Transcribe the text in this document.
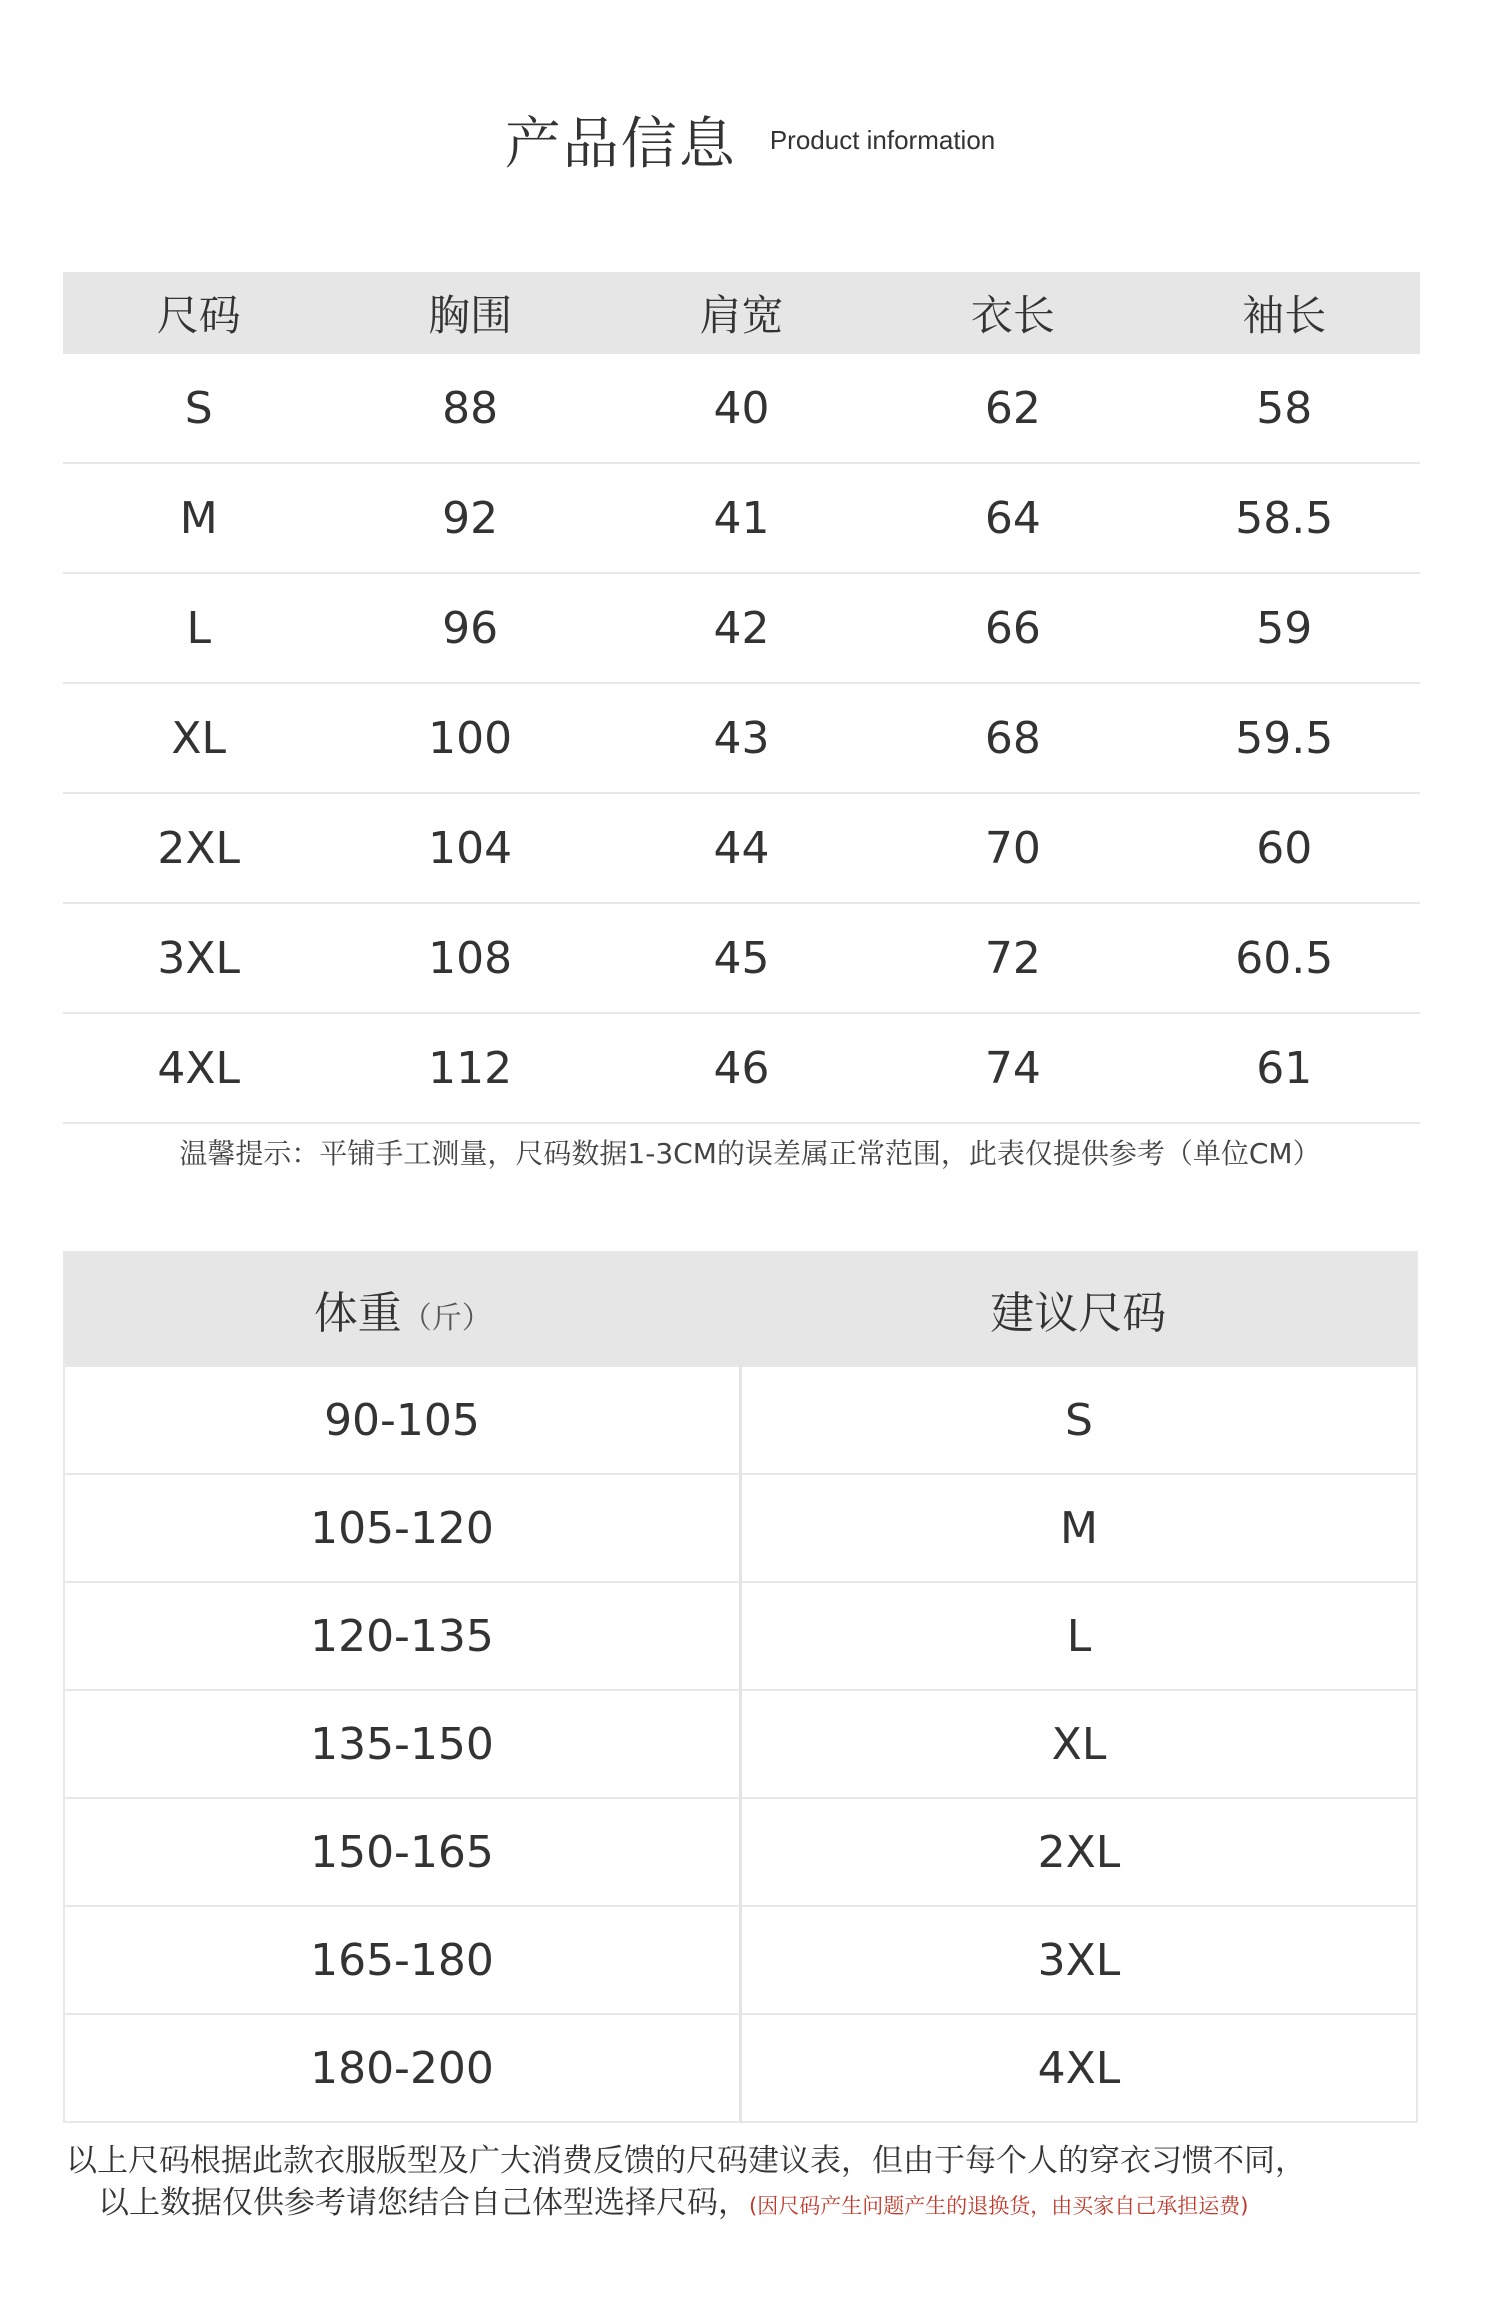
产品信息 Product information
尺码	胸围	肩宽	衣长	袖长
S	88	40	62	58
M	92	41	64	58.5
L	96	42	66	59
XL	100	43	68	59.5
2XL	104	44	70	60
3XL	108	45	72	60.5
4XL	112	46	74	61
温馨提示：平铺手工测量，尺码数据1-3CM的误差属正常范围，此表仅提供参考（单位CM）
体重（斤）	建议尺码
90-105	S
105-120	M
120-135	L
135-150	XL
150-165	2XL
165-180	3XL
180-200	4XL
以上尺码根据此款衣服版型及广大消费反馈的尺码建议表，但由于每个人的穿衣习惯不同，
以上数据仅供参考请您结合自己体型选择尺码，(因尺码产生问题产生的退换货，由买家自己承担运费)
